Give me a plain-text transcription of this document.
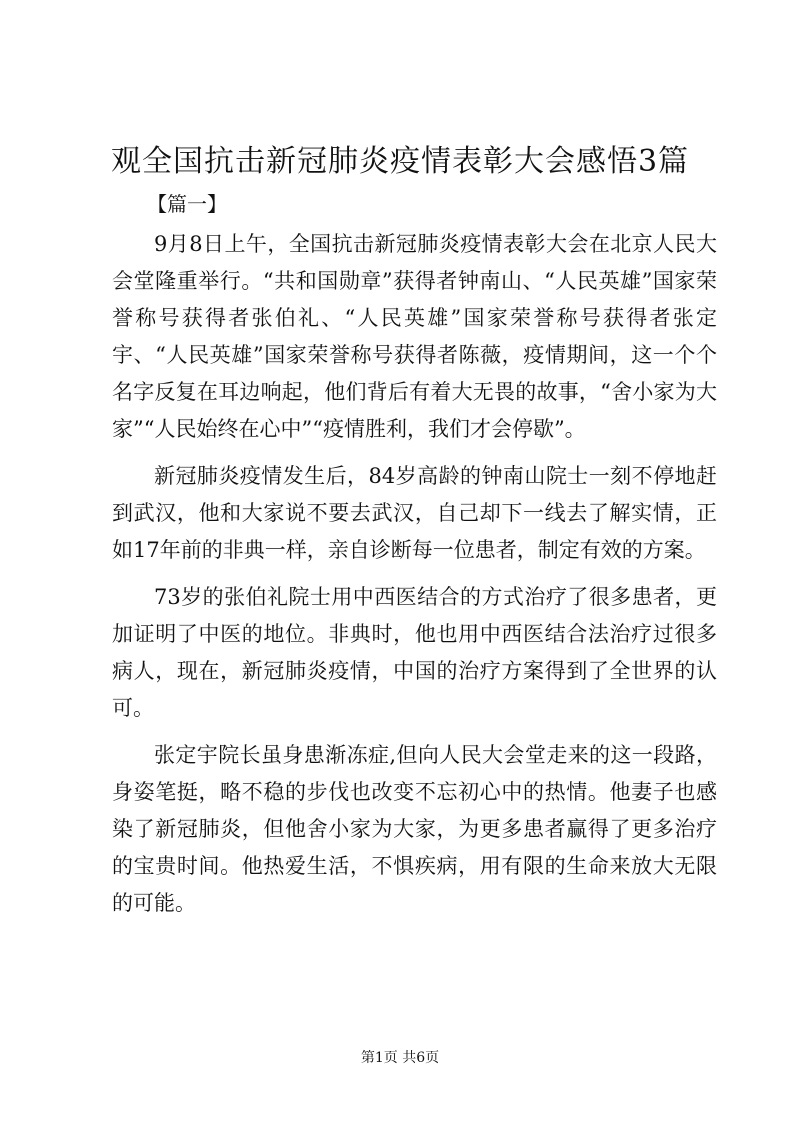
观全国抗击新冠肺炎疫情表彰大会感悟3篇
【篇一】

9月8日上午，全国抗击新冠肺炎疫情表彰大会在北京人民大会堂隆重举行。“共和国勋章”获得者钟南山、“人民英雄”国家荣誉称号获得者张伯礼、“人民英雄”国家荣誉称号获得者张定宇、“人民英雄”国家荣誉称号获得者陈薇，疫情期间，这一个个名字反复在耳边响起，他们背后有着大无畏的故事，“舍小家为大家”“人民始终在心中”“疫情胜利，我们才会停歇”。

新冠肺炎疫情发生后，84岁高龄的钟南山院士一刻不停地赶到武汉，他和大家说不要去武汉，自己却下一线去了解实情，正如17年前的非典一样，亲自诊断每一位患者，制定有效的方案。

73岁的张伯礼院士用中西医结合的方式治疗了很多患者，更加证明了中医的地位。非典时，他也用中西医结合法治疗过很多病人，现在，新冠肺炎疫情，中国的治疗方案得到了全世界的认可。

张定宇院长虽身患渐冻症,但向人民大会堂走来的这一段路，身姿笔挺，略不稳的步伐也改变不忘初心中的热情。他妻子也感染了新冠肺炎，但他舍小家为大家，为更多患者赢得了更多治疗的宝贵时间。他热爱生活，不惧疾病，用有限的生命来放大无限的可能。

第1页 共6页
